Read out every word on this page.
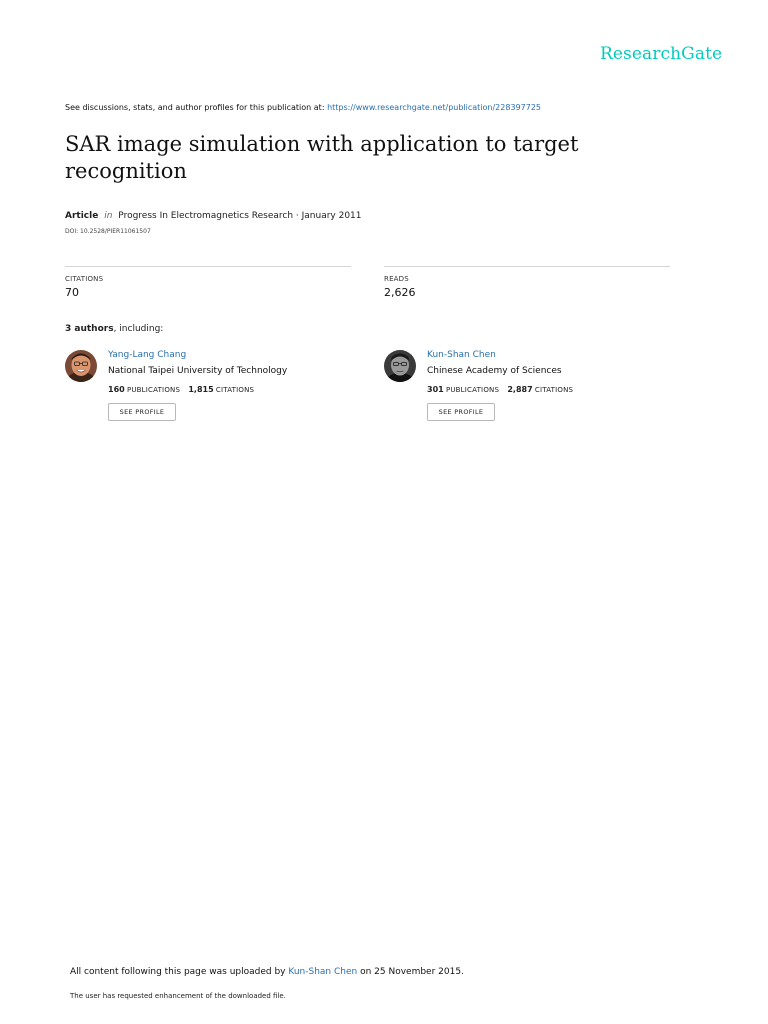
ResearchGate
See discussions, stats, and author profiles for this publication at: https://www.researchgate.net/publication/228397725
SAR image simulation with application to target recognition
Article in Progress In Electromagnetics Research · January 2011
DOI: 10.2528/PIER11061507
CITATIONS
70
READS
2,626
3 authors, including:
Yang-Lang Chang
National Taipei University of Technology
160 PUBLICATIONS 1,815 CITATIONS
SEE PROFILE
Kun-Shan Chen
Chinese Academy of Sciences
301 PUBLICATIONS 2,887 CITATIONS
SEE PROFILE
All content following this page was uploaded by Kun-Shan Chen on 25 November 2015.
The user has requested enhancement of the downloaded file.
